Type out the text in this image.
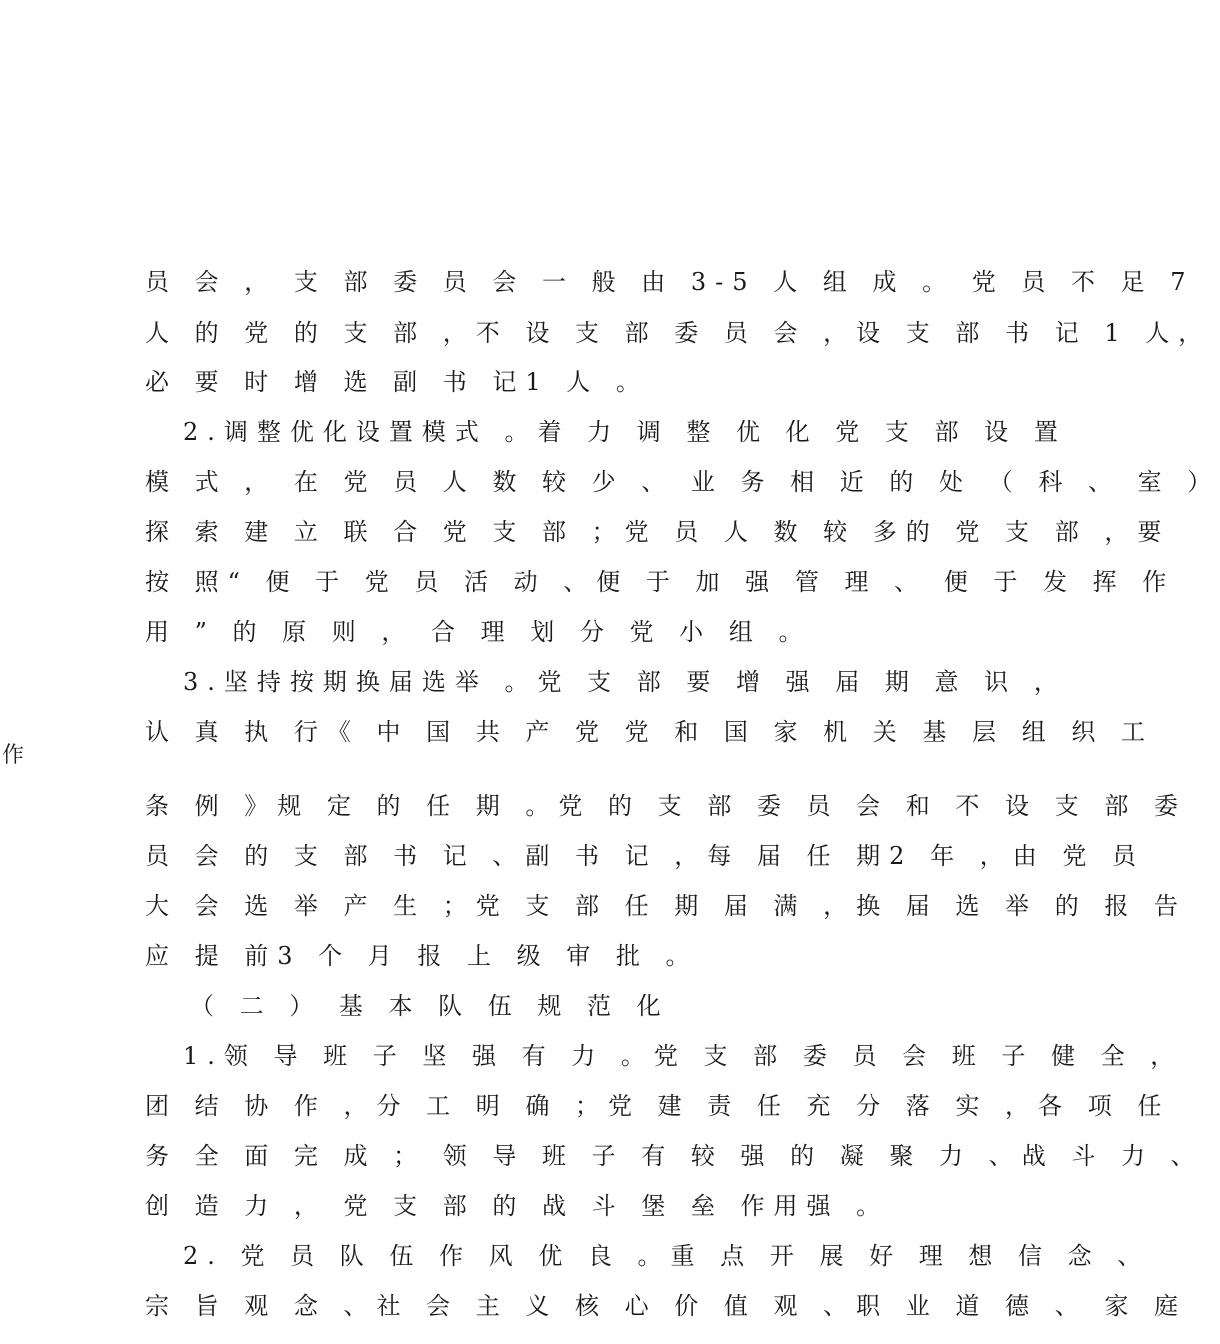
员 会 ， 支 部 委 员 会 一 般 由 3-5 人 组 成 。 党 员 不 足 7
人 的 党 的 支 部 ，不 设 支 部 委 员 会 ，设 支 部 书 记 1 人，
必 要 时 增 选 副 书 记1 人 。
2.调整优化设置模式 。着 力 调 整 优 化 党 支 部 设 置
模 式 ， 在 党 员 人 数 较 少 、 业 务 相 近 的 处 （ 科 、 室 ）
探 索 建 立 联 合 党 支 部 ；党 员 人 数 较 多的 党 支 部 ，要
按 照“ 便 于 党 员 活 动 、便 于 加 强 管 理 、 便 于 发 挥 作
用 ” 的 原 则 ， 合 理 划 分 党 小 组 。
3.坚持按期换届选举 。党 支 部 要 增 强 届 期 意 识 ，
认 真 执 行《 中 国 共 产 党 党 和 国 家 机 关 基 层 组 织 工
作
条 例 》规 定 的 任 期 。党 的 支 部 委 员 会 和 不 设 支 部 委
员 会 的 支 部 书 记 、副 书 记 ，每 届 任 期2 年 ，由 党 员
大 会 选 举 产 生 ；党 支 部 任 期 届 满 ，换 届 选 举 的 报 告
应 提 前3 个 月 报 上 级 审 批 。
（ 二 ） 基 本 队 伍 规 范 化
1.领 导 班 子 坚 强 有 力 。党 支 部 委 员 会 班 子 健 全 ，
团 结 协 作 ，分 工 明 确 ；党 建 责 任 充 分 落 实 ，各 项 任
务 全 面 完 成 ； 领 导 班 子 有 较 强 的 凝 聚 力 、战 斗 力 、
创 造 力 ， 党 支 部 的 战 斗 堡 垒 作用强 。
2. 党 员 队 伍 作 风 优 良 。重 点 开 展 好 理 想 信 念 、
宗 旨 观 念 、社 会 主 义 核 心 价 值 观 、职 业 道 德 、 家 庭
